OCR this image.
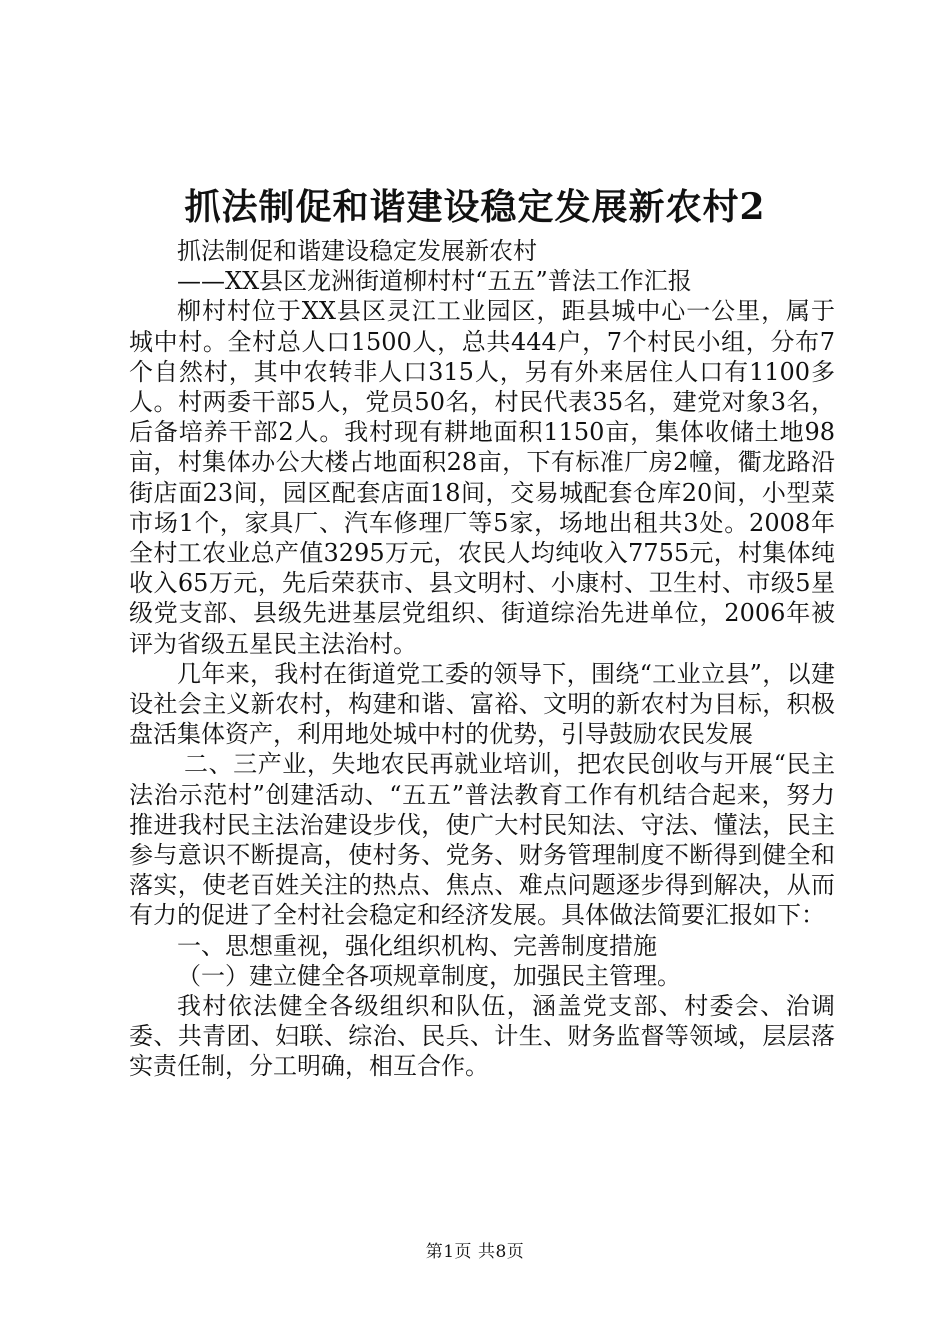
抓法制促和谐建设稳定发展新农村2

抓法制促和谐建设稳定发展新农村

——XX县区龙洲街道柳村村“五五”普法工作汇报

柳村村位于XX县区灵江工业园区，距县城中心一公里，属于城中村。全村总人口1500人，总共444户，7个村民小组，分布7个自然村，其中农转非人口315人，另有外来居住人口有1100多人。村两委干部5人，党员50名，村民代表35名，建党对象3名，后备培养干部2人。我村现有耕地面积1150亩，集体收储土地98亩，村集体办公大楼占地面积28亩，下有标准厂房2幢，衢龙路沿街店面23间，园区配套店面18间，交易城配套仓库20间，小型菜市场1个，家具厂、汽车修理厂等5家，场地出租共3处。2008年全村工农业总产值3295万元，农民人均纯收入7755元，村集体纯收入65万元，先后荣获市、县文明村、小康村、卫生村、市级5星级党支部、县级先进基层党组织、街道综治先进单位，2006年被评为省级五星民主法治村。

几年来，我村在街道党工委的领导下，围绕“工业立县”，以建设社会主义新农村，构建和谐、富裕、文明的新农村为目标，积极盘活集体资产，利用地处城中村的优势，引导鼓励农民发展

二、三产业，失地农民再就业培训，把农民创收与开展“民主法治示范村”创建活动、“五五”普法教育工作有机结合起来，努力推进我村民主法治建设步伐，使广大村民知法、守法、懂法，民主参与意识不断提高，使村务、党务、财务管理制度不断得到健全和落实，使老百姓关注的热点、焦点、难点问题逐步得到解决，从而有力的促进了全村社会稳定和经济发展。具体做法简要汇报如下：

一、思想重视，强化组织机构、完善制度措施

（一）建立健全各项规章制度，加强民主管理。

我村依法健全各级组织和队伍，涵盖党支部、村委会、治调委、共青团、妇联、综治、民兵、计生、财务监督等领域，层层落实责任制，分工明确，相互合作。

第1页 共8页
